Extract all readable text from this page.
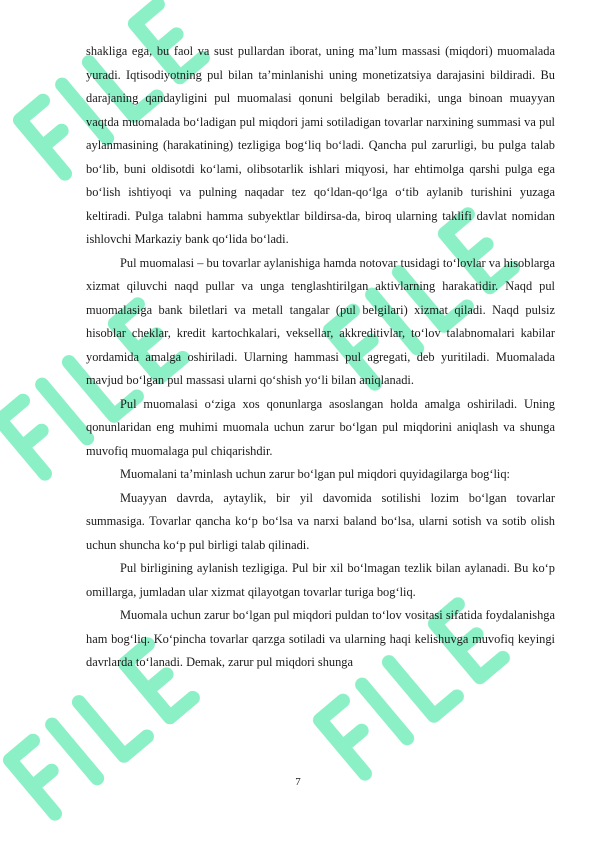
shakliga ega, bu faol va sust pullardan iborat, uning ma’lum massasi (miqdori) muomalada yuradi. Iqtisodiyotning pul bilan ta’minlanishi uning monetizatsiya darajasini bildiradi. Bu darajaning qandayligini pul muomalasi qonuni belgilab beradiki, unga binoan muayyan vaqtda muomalada bo‘ladigan pul miqdori jami sotiladigan tovarlar narxining summasi va pul aylanmasining (harakatining) tezligiga bog‘liq bo‘ladi. Qancha pul zarurligi, bu pulga talab bo‘lib, buni oldisotdi ko‘lami, olibsotarlik ishlari miqyosi, har ehtimolga qarshi pulga ega bo‘lish ishtiyoqi va pulning naqadar tez qo‘ldan-qo‘lga o‘tib aylanib turishini yuzaga keltiradi. Pulga talabni hamma subyektlar bildirsa-da, biroq ularning taklifi davlat nomidan ishlovchi Markaziy bank qo‘lida bo‘ladi.

Pul muomalasi – bu tovarlar aylanishiga hamda notovar tusidagi to‘lovlar va hisoblarga xizmat qiluvchi naqd pullar va unga tenglashtirilgan aktivlarning harakatidir. Naqd pul muomalasiga bank biletlari va metall tangalar (pul belgilari) xizmat qiladi. Naqd pulsiz hisoblar cheklar, kredit kartochkalari, veksellar, akkreditivlar, to‘lov talabnomalari kabilar yordamida amalga oshiriladi. Ularning hammasi pul agregati, deb yuritiladi. Muomalada mavjud bo‘lgan pul massasi ularni qo‘shish yo‘li bilan aniqlanadi.

Pul muomalasi o‘ziga xos qonunlarga asoslangan holda amalga oshiriladi. Uning qonunlaridan eng muhimi muomala uchun zarur bo‘lgan pul miqdorini aniqlash va shunga muvofiq muomalaga pul chiqarishdir.

Muomalani ta’minlash uchun zarur bo‘lgan pul miqdori quyidagilarga bog‘liq:

Muayyan davrda, aytaylik, bir yil davomida sotilishi lozim bo‘lgan tovarlar summasiga. Tovarlar qancha ko‘p bo‘lsa va narxi baland bo‘lsa, ularni sotish va sotib olish uchun shuncha ko‘p pul birligi talab qilinadi.

Pul birligining aylanish tezligiga. Pul bir xil bo‘lmagan tezlik bilan aylanadi. Bu ko‘p omillarga, jumladan ular xizmat qilayotgan tovarlar turiga bog‘liq.

Muomala uchun zarur bo‘lgan pul miqdori puldan to‘lov vositasi sifatida foydalanishga ham bog‘liq. Ko‘pincha tovarlar qarzga sotiladi va ularning haqi kelishuvga muvofiq keyingi davrlarda to‘lanadi. Demak, zarur pul miqdori shunga

7
